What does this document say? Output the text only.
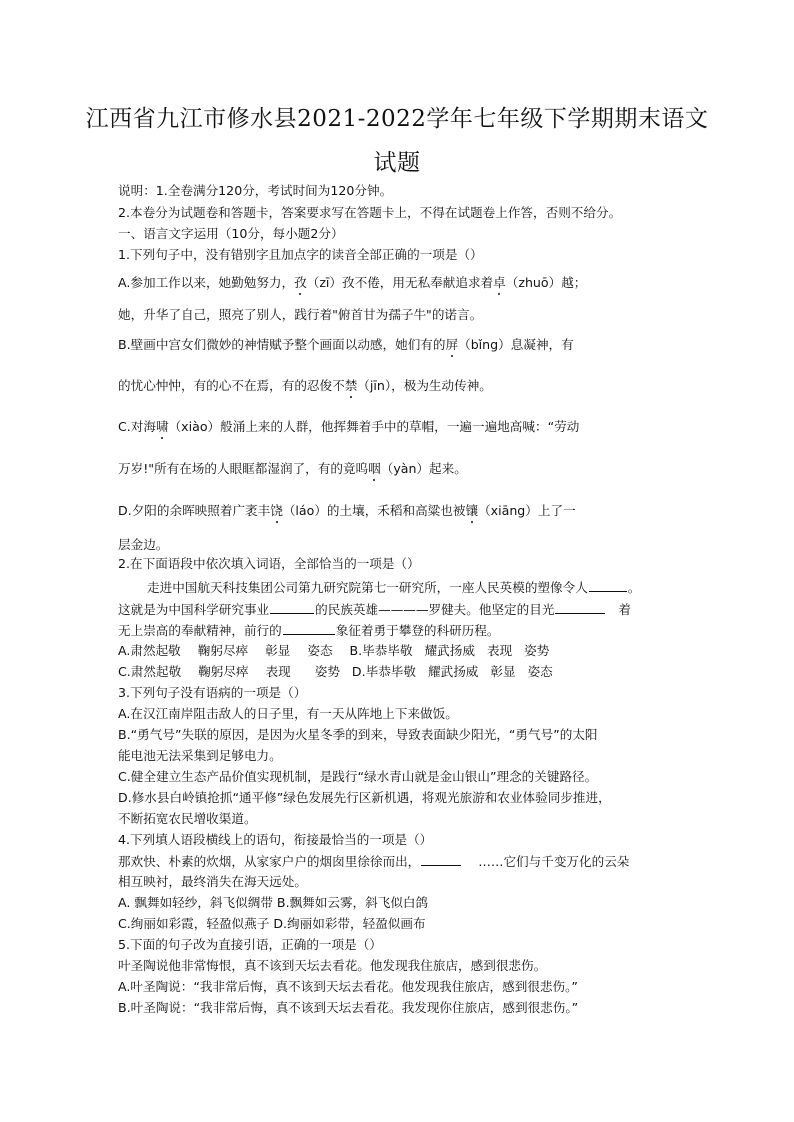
江西省九江市修水县2021-2022学年七年级下学期期末语文
试题
说明：1.全卷满分120分，考试时间为120分钟。
2.本卷分为试题卷和答题卡，答案要求写在答题卡上，不得在试题卷上作答，否则不给分。
一、语言文字运用（10分，每小题2分）
1.下列句子中，没有错别字且加点字的读音全部正确的一项是（）
A.参加工作以来，她勤勉努力，孜（zī）孜不倦，用无私奉献追求着卓（zhuō）越；
她，升华了自己，照亮了别人，践行着"俯首甘为孺子牛"的诺言。
B.壁画中宫女们微妙的神情赋予整个画面以动感，她们有的屏（bǐng）息凝神，有
的忧心忡忡，有的心不在焉，有的忍俊不禁（jīn），极为生动传神。
C.对海啸（xiào）般涌上来的人群，他挥舞着手中的草帽，一遍一遍地高喊：“劳动
万岁!"所有在场的人眼眶都湿润了，有的竟呜咽（yàn）起来。
D.夕阳的余晖映照着广袤丰饶（láo）的土壤，禾稻和高粱也被镶（xiāng）上了一
层金边。
2.在下面语段中依次填入词语，全部恰当的一项是（）
走进中国航天科技集团公司第九研究院第七一研究所，一座人民英模的塑像令人	。
这就是为中国科学研究事业	的民族英雄————罗健夫。他坚定的目光	着
无上崇高的奉献精神，前行的	象征着勇于攀登的科研历程。
A.肃然起敬 鞠躬尽瘁 彰显 姿态 B.毕恭毕敬 耀武扬威 表现 姿势
C.肃然起敬 鞠躬尽瘁 表现 姿势 D.毕恭毕敬 耀武扬威 彰显 姿态
3.下列句子没有语病的一项是（）
A.在汉江南岸阻击敌人的日子里，有一天从阵地上下来做饭。
B.“勇气号”失联的原因，是因为火星冬季的到来，导致表面缺少阳光，“勇气号”的太阳
能电池无法采集到足够电力。
C.健全建立生态产品价值实现机制，是践行“绿水青山就是金山银山”理念的关键路径。
D.修水县白岭镇抢抓“通平修”绿色发展先行区新机遇，将观光旅游和农业体验同步推进，
不断拓宽农民增收渠道。
4.下列填人语段横线上的语句，衔接最恰当的一项是（）
那欢快、朴素的炊烟，从家家户户的烟囱里徐徐而出，	……它们与千变万化的云朵
相互映衬，最终消失在海天远处。
A. 飘舞如轻纱，斜飞似绸带 B.飘舞如云雾，斜飞似白鸽
C.绚丽如彩霞，轻盈似燕子 D.绚丽如彩带，轻盈似画布
5.下面的句子改为直接引语，正确的一项是（）
叶圣陶说他非常悔恨，真不该到天坛去看花。他发现我住旅店，感到很悲伤。
A.叶圣陶说：“我非常后悔，真不该到天坛去看花。他发现我住旅店，感到很悲伤。”
B.叶圣陶说：“我非常后悔，真不该到天坛去看花。我发现你住旅店，感到很悲伤。”
